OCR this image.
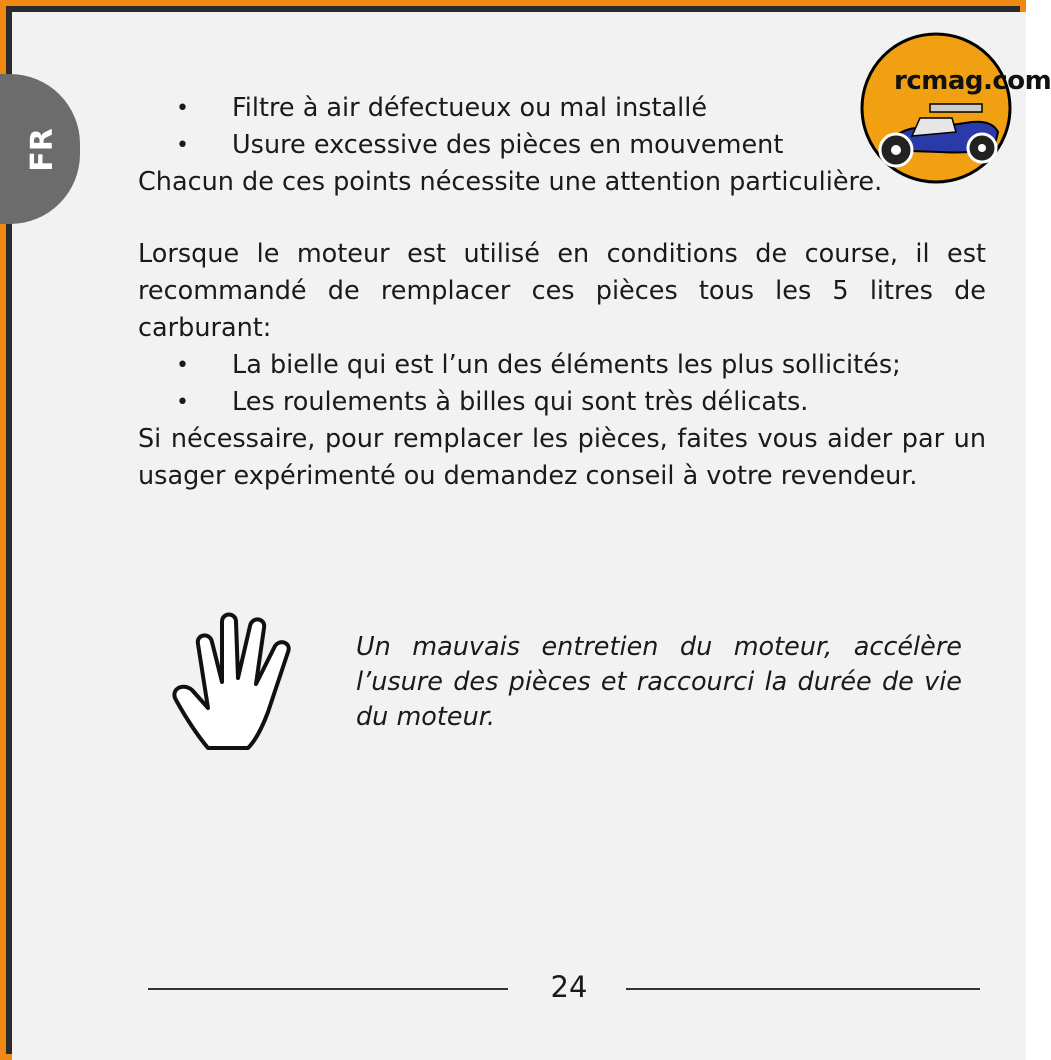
FR
rcmag.com
• Filtre à air défectueux ou mal installé
• Usure excessive des pièces en mouvement

Chacun de ces points nécessite une attention particulière.

Lorsque le moteur est utilisé en conditions de course, il est recommandé de remplacer ces pièces tous les 5 litres de carburant:

• La bielle qui est l’un des éléments les plus sollicités;
• Les roulements à billes qui sont très délicats.

Si nécessaire, pour remplacer les pièces, faites vous aider par un usager expérimenté ou demandez conseil à votre revendeur.

Un mauvais entretien du moteur, accélère l’usure des pièces et raccourci la durée de vie du moteur.
24
